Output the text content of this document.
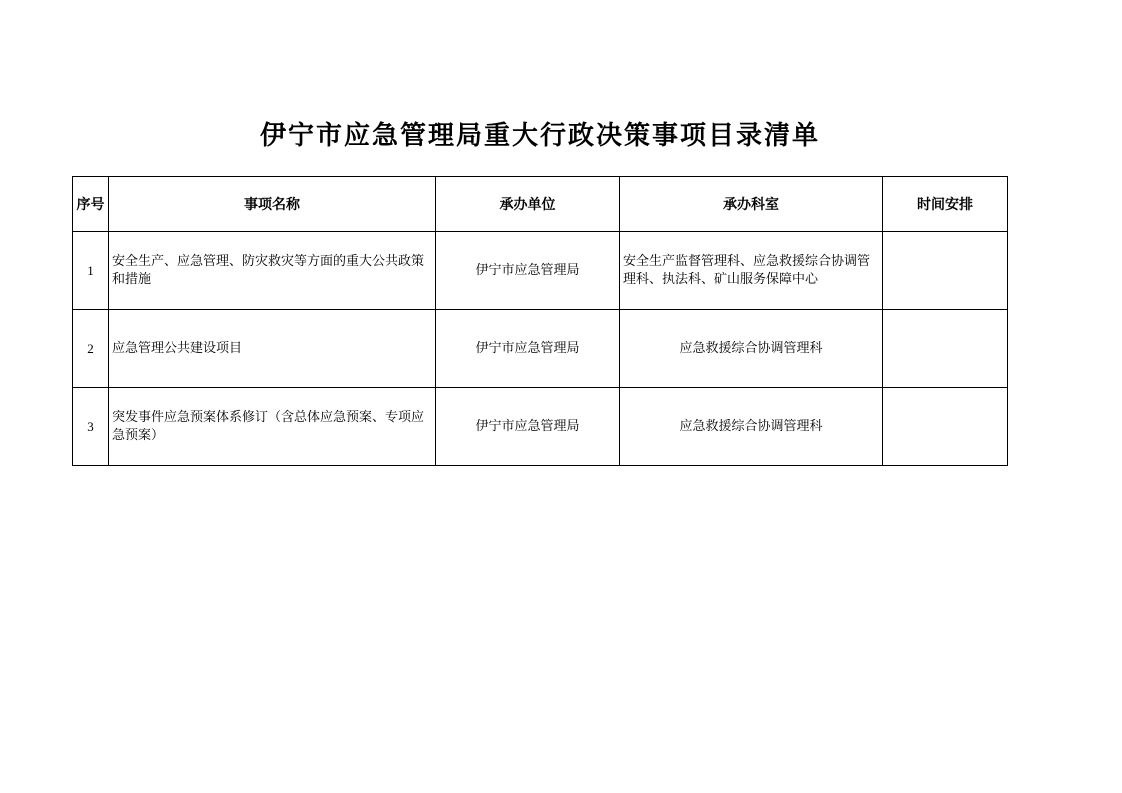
伊宁市应急管理局重大行政决策事项目录清单
序号	事项名称	承办单位	承办科室	时间安排
1	安全生产、应急管理、防灾救灾等方面的重大公共政策和措施	伊宁市应急管理局	安全生产监督管理科、应急救援综合协调管理科、执法科、矿山服务保障中心	
2	应急管理公共建设项目	伊宁市应急管理局	应急救援综合协调管理科	
3	突发事件应急预案体系修订（含总体应急预案、专项应急预案）	伊宁市应急管理局	应急救援综合协调管理科	
